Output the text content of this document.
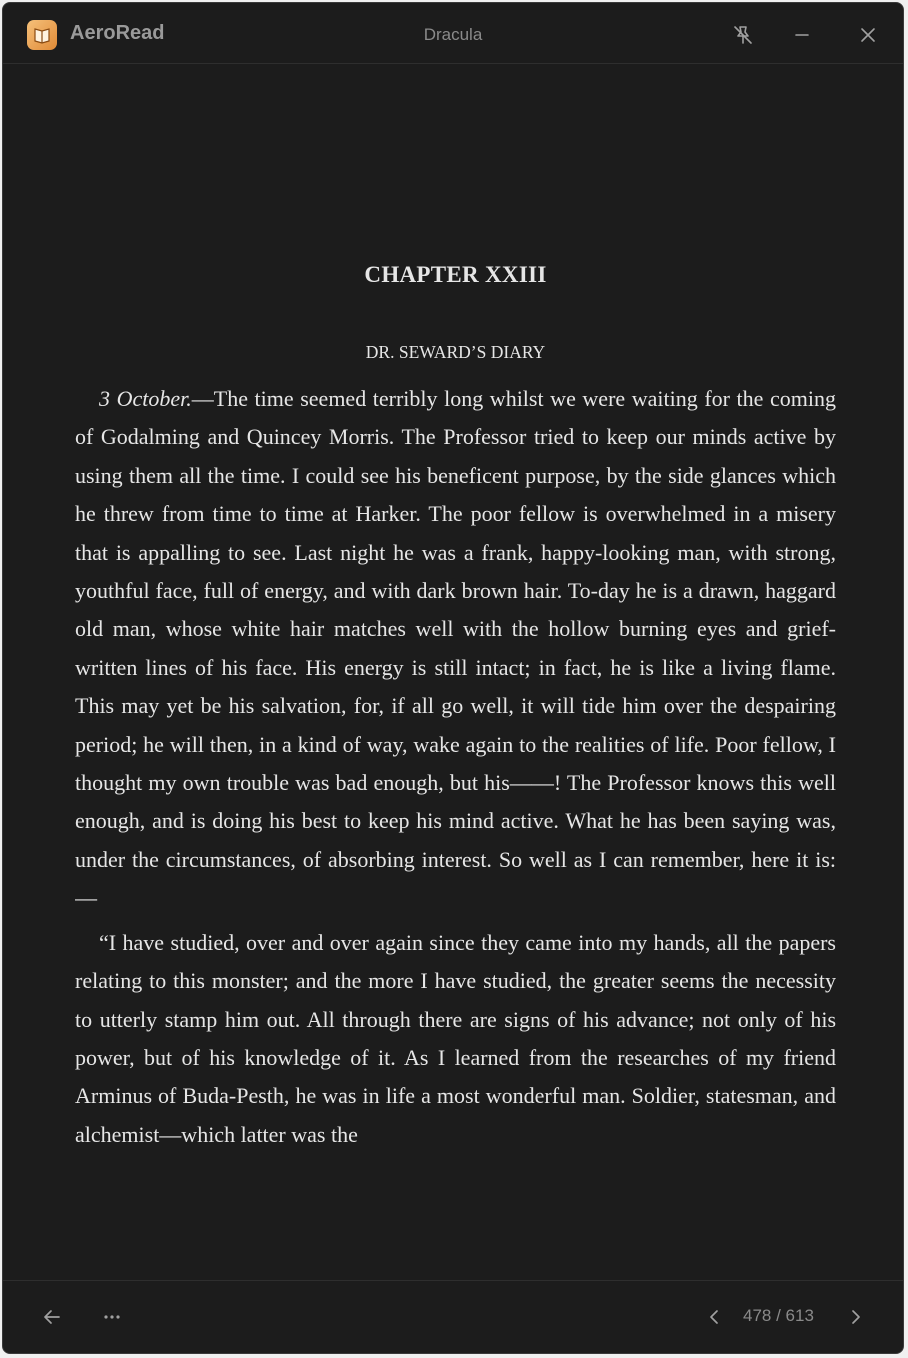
AeroRead	Dracula
CHAPTER XXIII
DR. SEWARD’S DIARY

3 October.—The time seemed terribly long whilst we were waiting for the coming of Godalming and Quincey Morris. The Professor tried to keep our minds active by using them all the time. I could see his beneficent purpose, by the side glances which he threw from time to time at Harker. The poor fellow is overwhelmed in a misery that is appalling to see. Last night he was a frank, happy-looking man, with strong, youthful face, full of energy, and with dark brown hair. To-day he is a drawn, haggard old man, whose white hair matches well with the hollow burning eyes and grief-written lines of his face. His energy is still intact; in fact, he is like a living flame. This may yet be his salvation, for, if all go well, it will tide him over the despairing period; he will then, in a kind of way, wake again to the realities of life. Poor fellow, I thought my own trouble was bad enough, but his——! The Professor knows this well enough, and is doing his best to keep his mind active. What he has been saying was, under the circumstances, of absorbing interest. So well as I can remember, here it is:—

“I have studied, over and over again since they came into my hands, all the papers relating to this monster; and the more I have studied, the greater seems the necessity to utterly stamp him out. All through there are signs of his advance; not only of his power, but of his knowledge of it. As I learned from the researches of my friend Arminus of Buda-Pesth, he was in life a most wonderful man. Soldier, statesman, and alchemist—which latter was the

478 / 613
